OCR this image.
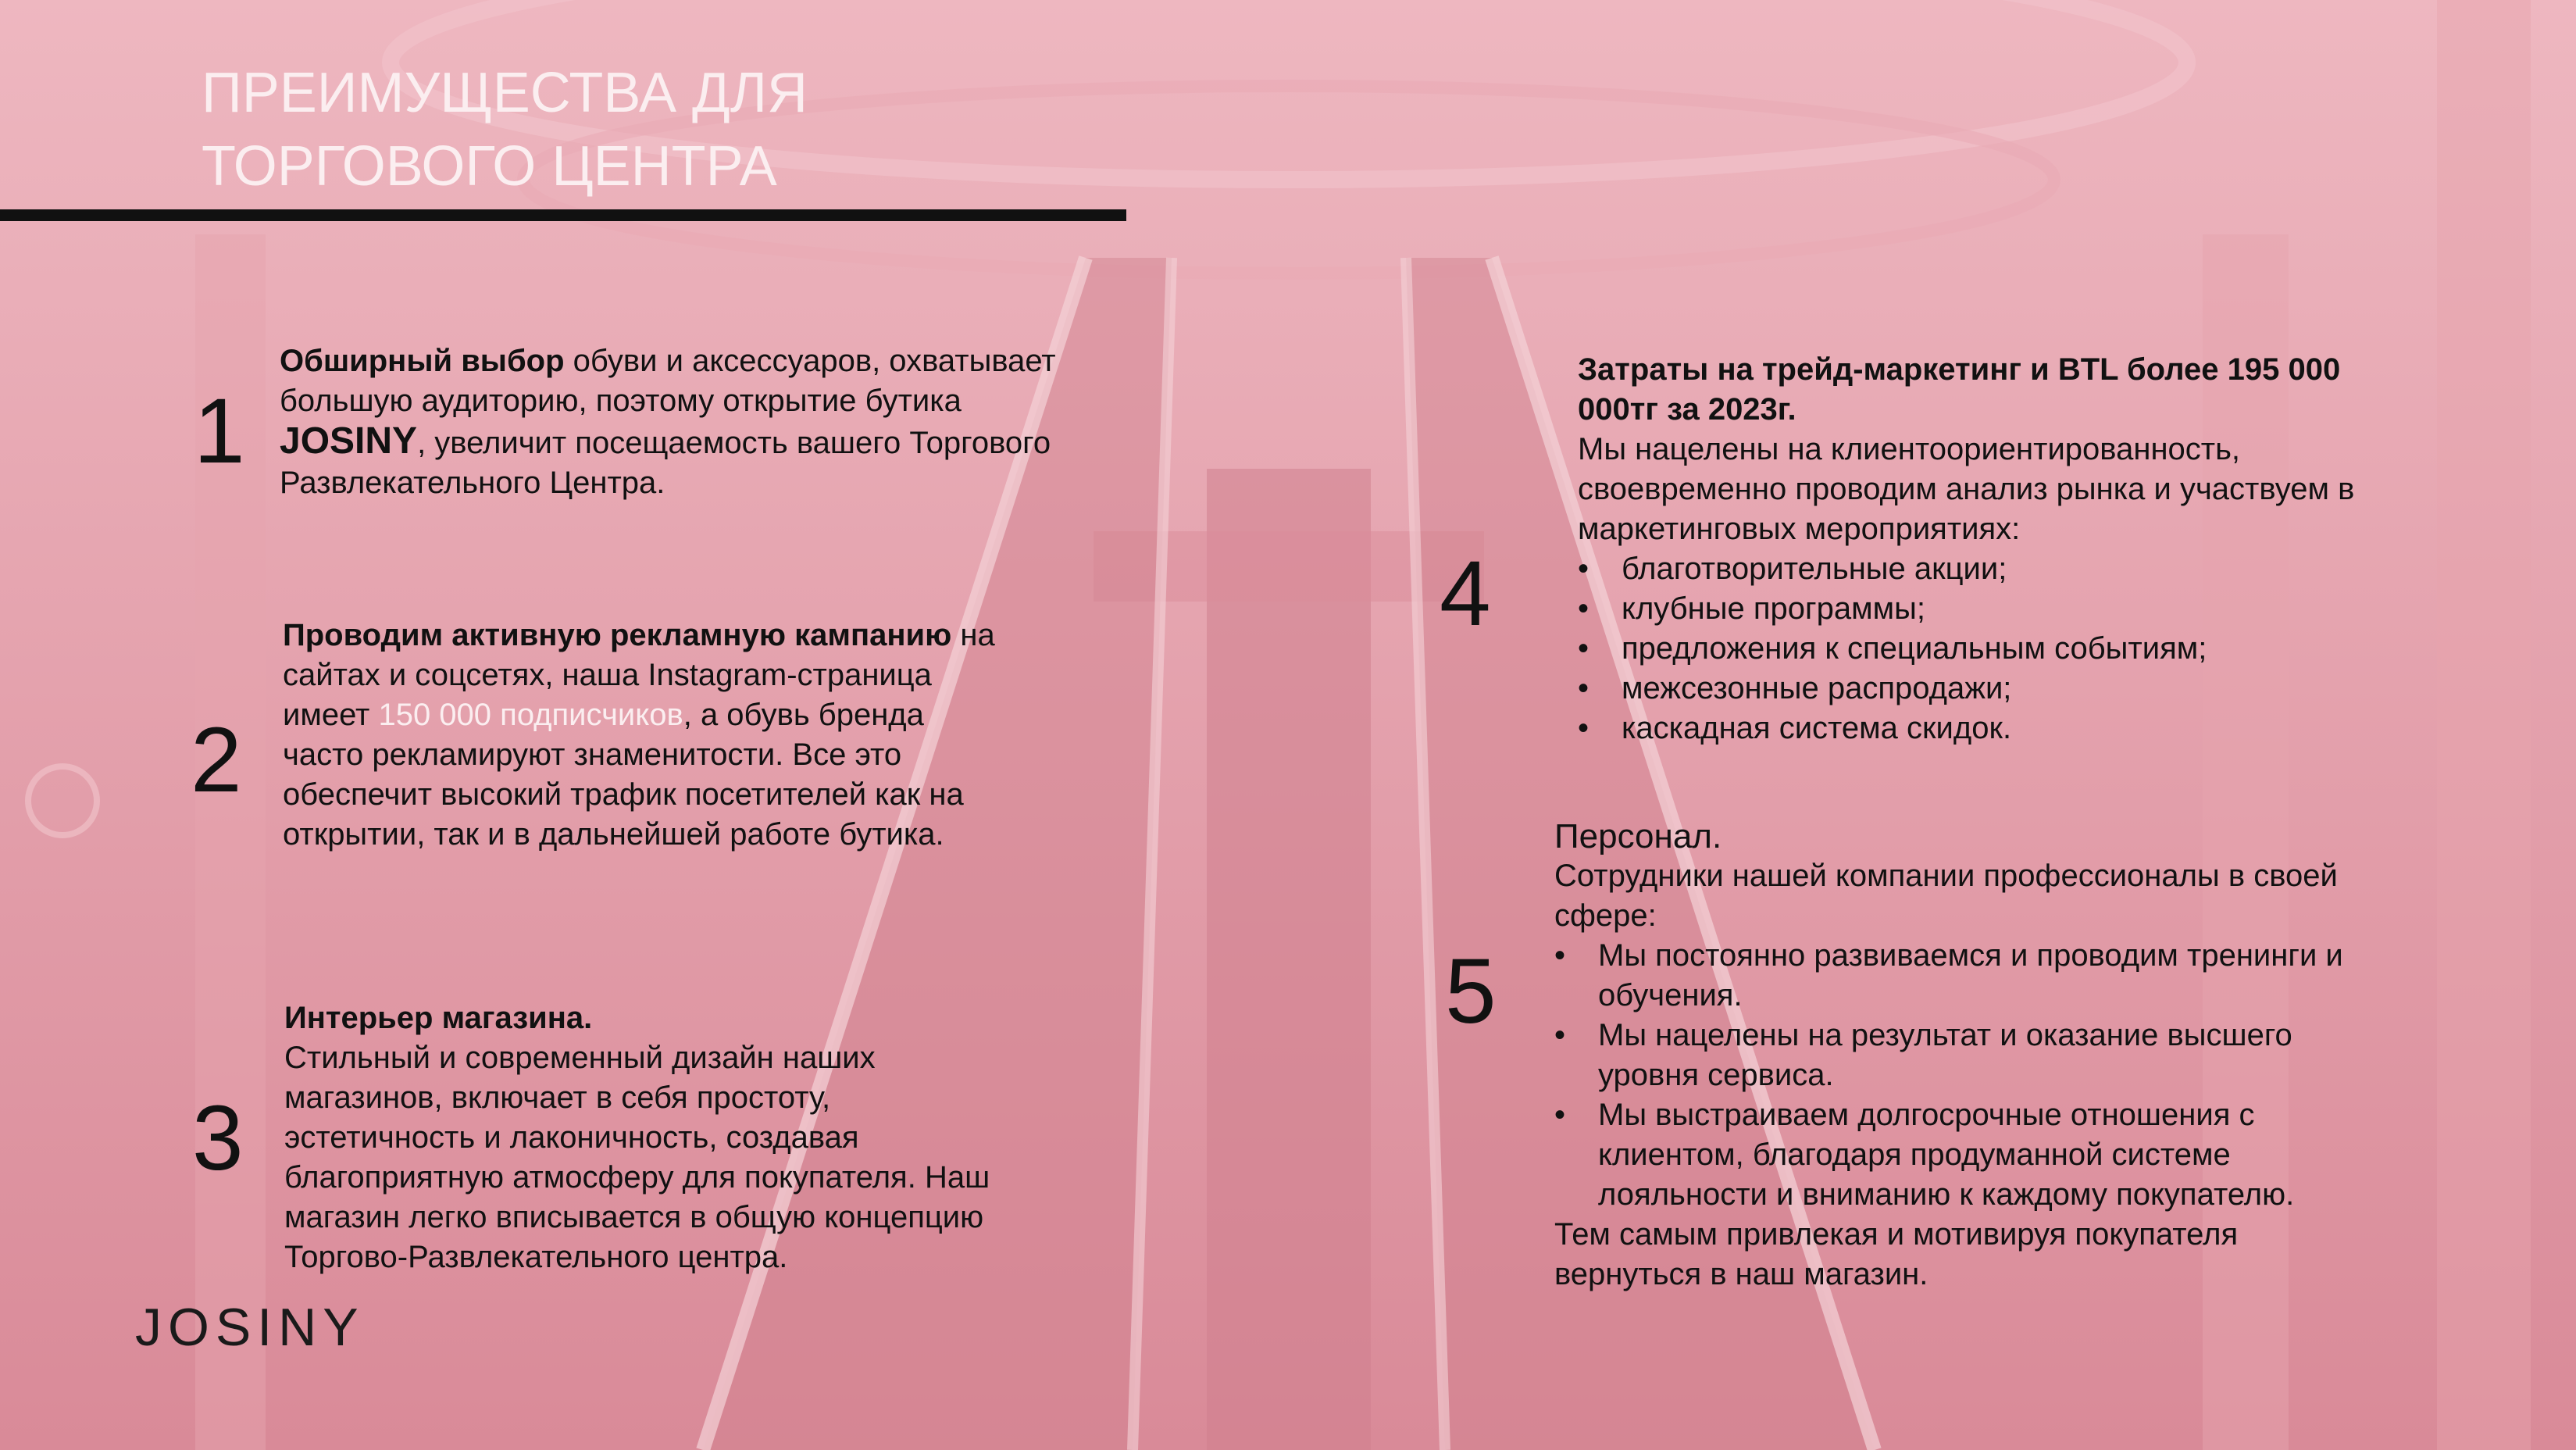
ПРЕИМУЩЕСТВА ДЛЯ
ТОРГОВОГО ЦЕНТРА
1
Обширный выбор обуви и аксессуаров, охватывает большую аудиторию, поэтому открытие бутика JOSINY, увеличит посещаемость вашего Торгового Развлекательного Центра.
2
Проводим активную рекламную кампанию на сайтах и соцсетях, наша Instagram-страница имеет 150 000 подписчиков, а обувь бренда часто рекламируют знаменитости. Все это обеспечит высокий трафик посетителей как на открытии, так и в дальнейшей работе бутика.
3
Интерьер магазина.
Стильный и современный дизайн наших магазинов, включает в себя простоту, эстетичность и лаконичность, создавая благоприятную атмосферу для покупателя. Наш магазин легко вписывается в общую концепцию Торгово-Развлекательного центра.
4
Затраты на трейд-маркетинг и BTL более 195 000 000тг за 2023г.
Мы нацелены на клиентоориентированность, своевременно проводим анализ рынка и участвуем в маркетинговых мероприятиях:
• благотворительные акции;
• клубные программы;
• предложения к специальным событиям;
• межсезонные распродажи;
• каскадная система скидок.
5
Персонал.
Сотрудники нашей компании профессионалы в своей сфере:
• Мы постоянно развиваемся и проводим тренинги и обучения.
• Мы нацелены на результат и оказание высшего уровня сервиса.
• Мы выстраиваем долгосрочные отношения с клиентом, благодаря продуманной системе лояльности и вниманию к каждому покупателю.
Тем самым привлекая и мотивируя покупателя вернуться в наш магазин.
JOSINY
